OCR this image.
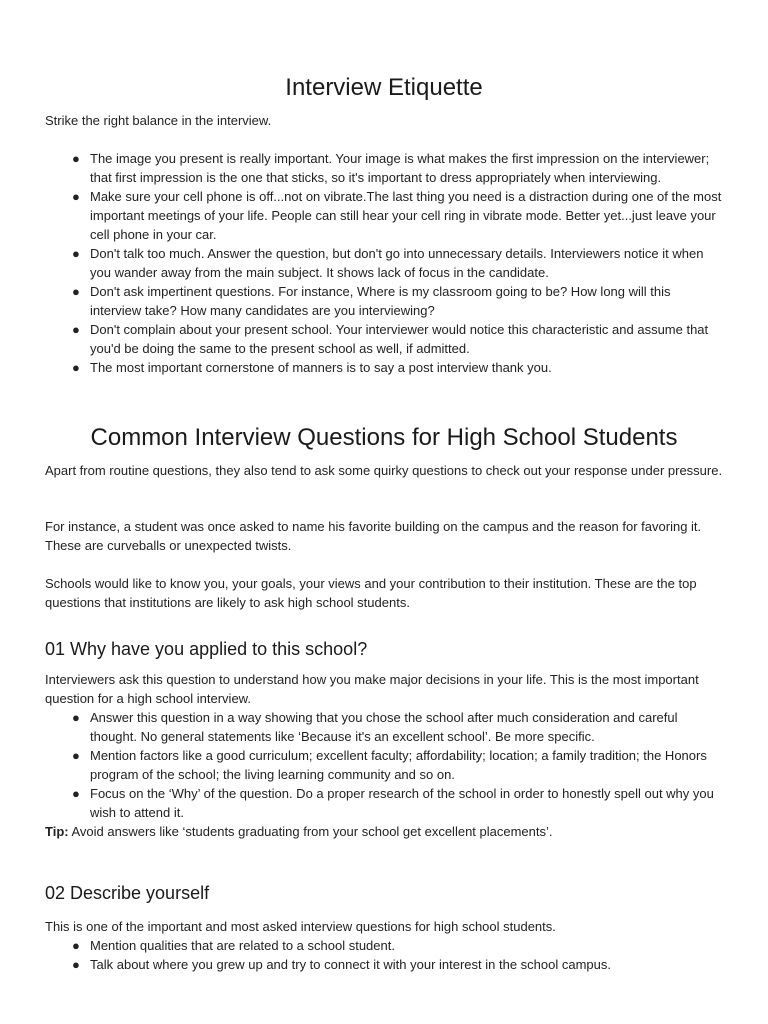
Interview Etiquette

Strike the right balance in the interview.

● The image you present is really important. Your image is what makes the first impression on the interviewer; that first impression is the one that sticks, so it's important to dress appropriately when interviewing.
● Make sure your cell phone is off...not on vibrate.The last thing you need is a distraction during one of the most important meetings of your life. People can still hear your cell ring in vibrate mode. Better yet...just leave your cell phone in your car.
● Don't talk too much. Answer the question, but don't go into unnecessary details. Interviewers notice it when you wander away from the main subject. It shows lack of focus in the candidate.
● Don't ask impertinent questions. For instance, Where is my classroom going to be? How long will this interview take? How many candidates are you interviewing?
● Don't complain about your present school. Your interviewer would notice this characteristic and assume that you'd be doing the same to the present school as well, if admitted.
● The most important cornerstone of manners is to say a post interview thank you.
Common Interview Questions for High School Students

Apart from routine questions, they also tend to ask some quirky questions to check out your response under pressure.

For instance, a student was once asked to name his favorite building on the campus and the reason for favoring it. These are curveballs or unexpected twists.

Schools would like to know you, your goals, your views and your contribution to their institution. These are the top questions that institutions are likely to ask high school students.

01 Why have you applied to this school?

Interviewers ask this question to understand how you make major decisions in your life. This is the most important question for a high school interview.

● Answer this question in a way showing that you chose the school after much consideration and careful thought. No general statements like ‘Because it's an excellent school’. Be more specific.
● Mention factors like a good curriculum; excellent faculty; affordability; location; a family tradition; the Honors program of the school; the living learning community and so on.
● Focus on the ‘Why’ of the question. Do a proper research of the school in order to honestly spell out why you wish to attend it.

Tip: Avoid answers like ‘students graduating from your school get excellent placements’.

02 Describe yourself

This is one of the important and most asked interview questions for high school students.

● Mention qualities that are related to a school student.
● Talk about where you grew up and try to connect it with your interest in the school campus.
